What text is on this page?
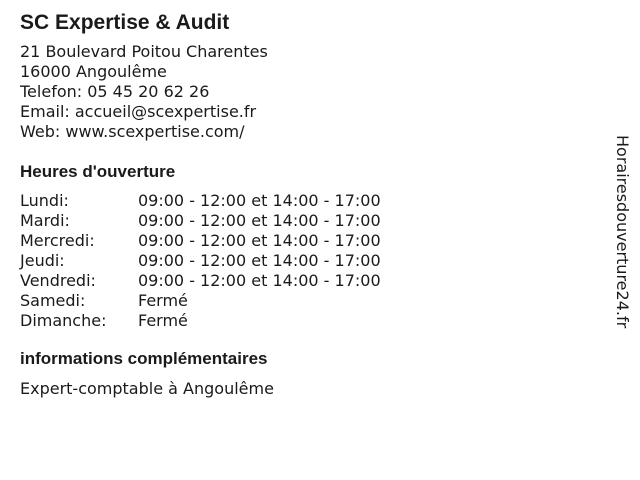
SC Expertise & Audit
21 Boulevard Poitou Charentes
16000 Angoulême
Telefon: 05 45 20 62 26
Email: accueil@scexpertise.fr
Web: www.scexpertise.com/
Heures d'ouverture
Lundi:	09:00 - 12:00 et 14:00 - 17:00
Mardi:	09:00 - 12:00 et 14:00 - 17:00
Mercredi:	09:00 - 12:00 et 14:00 - 17:00
Jeudi:	09:00 - 12:00 et 14:00 - 17:00
Vendredi:	09:00 - 12:00 et 14:00 - 17:00
Samedi:	Fermé
Dimanche:	Fermé
informations complémentaires
Expert-comptable à Angoulême
Horairesdouverture24.fr
